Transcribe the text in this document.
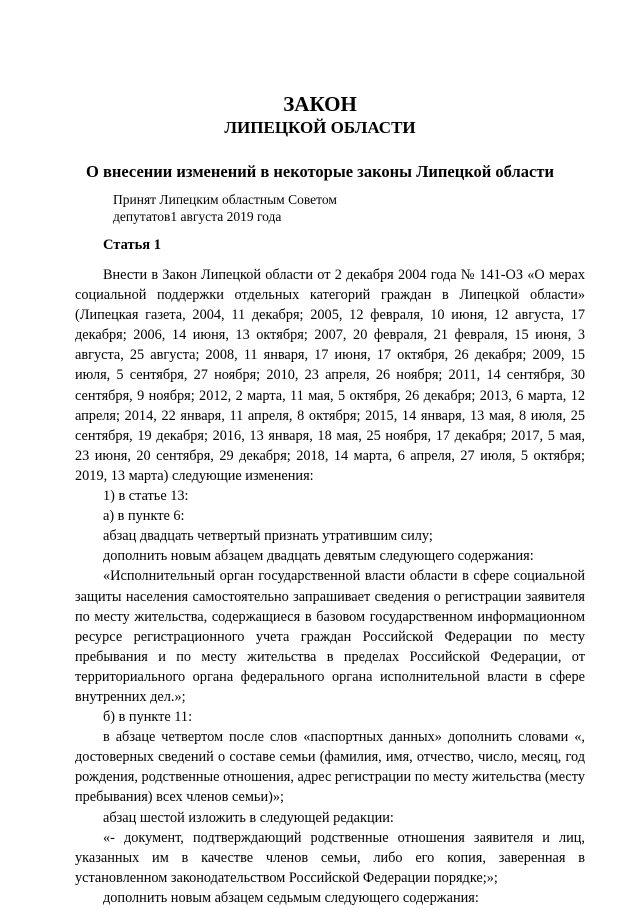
ЗАКОН
ЛИПЕЦКОЙ ОБЛАСТИ
О внесении изменений в некоторые законы Липецкой области
Принят Липецким областным Советом
депутатов1 августа 2019 года
Статья 1

Внести в Закон Липецкой области от 2 декабря 2004 года № 141-ОЗ «О мерах социальной поддержки отдельных категорий граждан в Липецкой области» (Липецкая газета, 2004, 11 декабря; 2005, 12 февраля, 10 июня, 12 августа, 17 декабря; 2006, 14 июня, 13 октября; 2007, 20 февраля, 21 февраля, 15 июня, 3 августа, 25 августа; 2008, 11 января, 17 июня, 17 октября, 26 декабря; 2009, 15 июля, 5 сентября, 27 ноября; 2010, 23 апреля, 26 ноября; 2011, 14 сентября, 30 сентября, 9 ноября; 2012, 2 марта, 11 мая, 5 октября, 26 декабря; 2013, 6 марта, 12 апреля; 2014, 22 января, 11 апреля, 8 октября; 2015, 14 января, 13 мая, 8 июля, 25 сентября, 19 декабря; 2016, 13 января, 18 мая, 25 ноября, 17 декабря; 2017, 5 мая, 23 июня, 20 сентября, 29 декабря; 2018, 14 марта, 6 апреля, 27 июля, 5 октября; 2019, 13 марта) следующие изменения:

1) в статье 13:

а) в пункте 6:

абзац двадцать четвертый признать утратившим силу;

дополнить новым абзацем двадцать девятым следующего содержания:

«Исполнительный орган государственной власти области в сфере социальной защиты населения самостоятельно запрашивает сведения о регистрации заявителя по месту жительства, содержащиеся в базовом государственном информационном ресурсе регистрационного учета граждан Российской Федерации по месту пребывания и по месту жительства в пределах Российской Федерации, от территориального органа федерального органа исполнительной власти в сфере внутренних дел.»;

б) в пункте 11:

в абзаце четвертом после слов «паспортных данных» дополнить словами «, достоверных сведений о составе семьи (фамилия, имя, отчество, число, месяц, год рождения, родственные отношения, адрес регистрации по месту жительства (месту пребывания) всех членов семьи)»;

абзац шестой изложить в следующей редакции:

«- документ, подтверждающий родственные отношения заявителя и лиц, указанных им в качестве членов семьи, либо его копия, заверенная в установленном законодательством Российской Федерации порядке;»;

дополнить новым абзацем седьмым следующего содержания:
